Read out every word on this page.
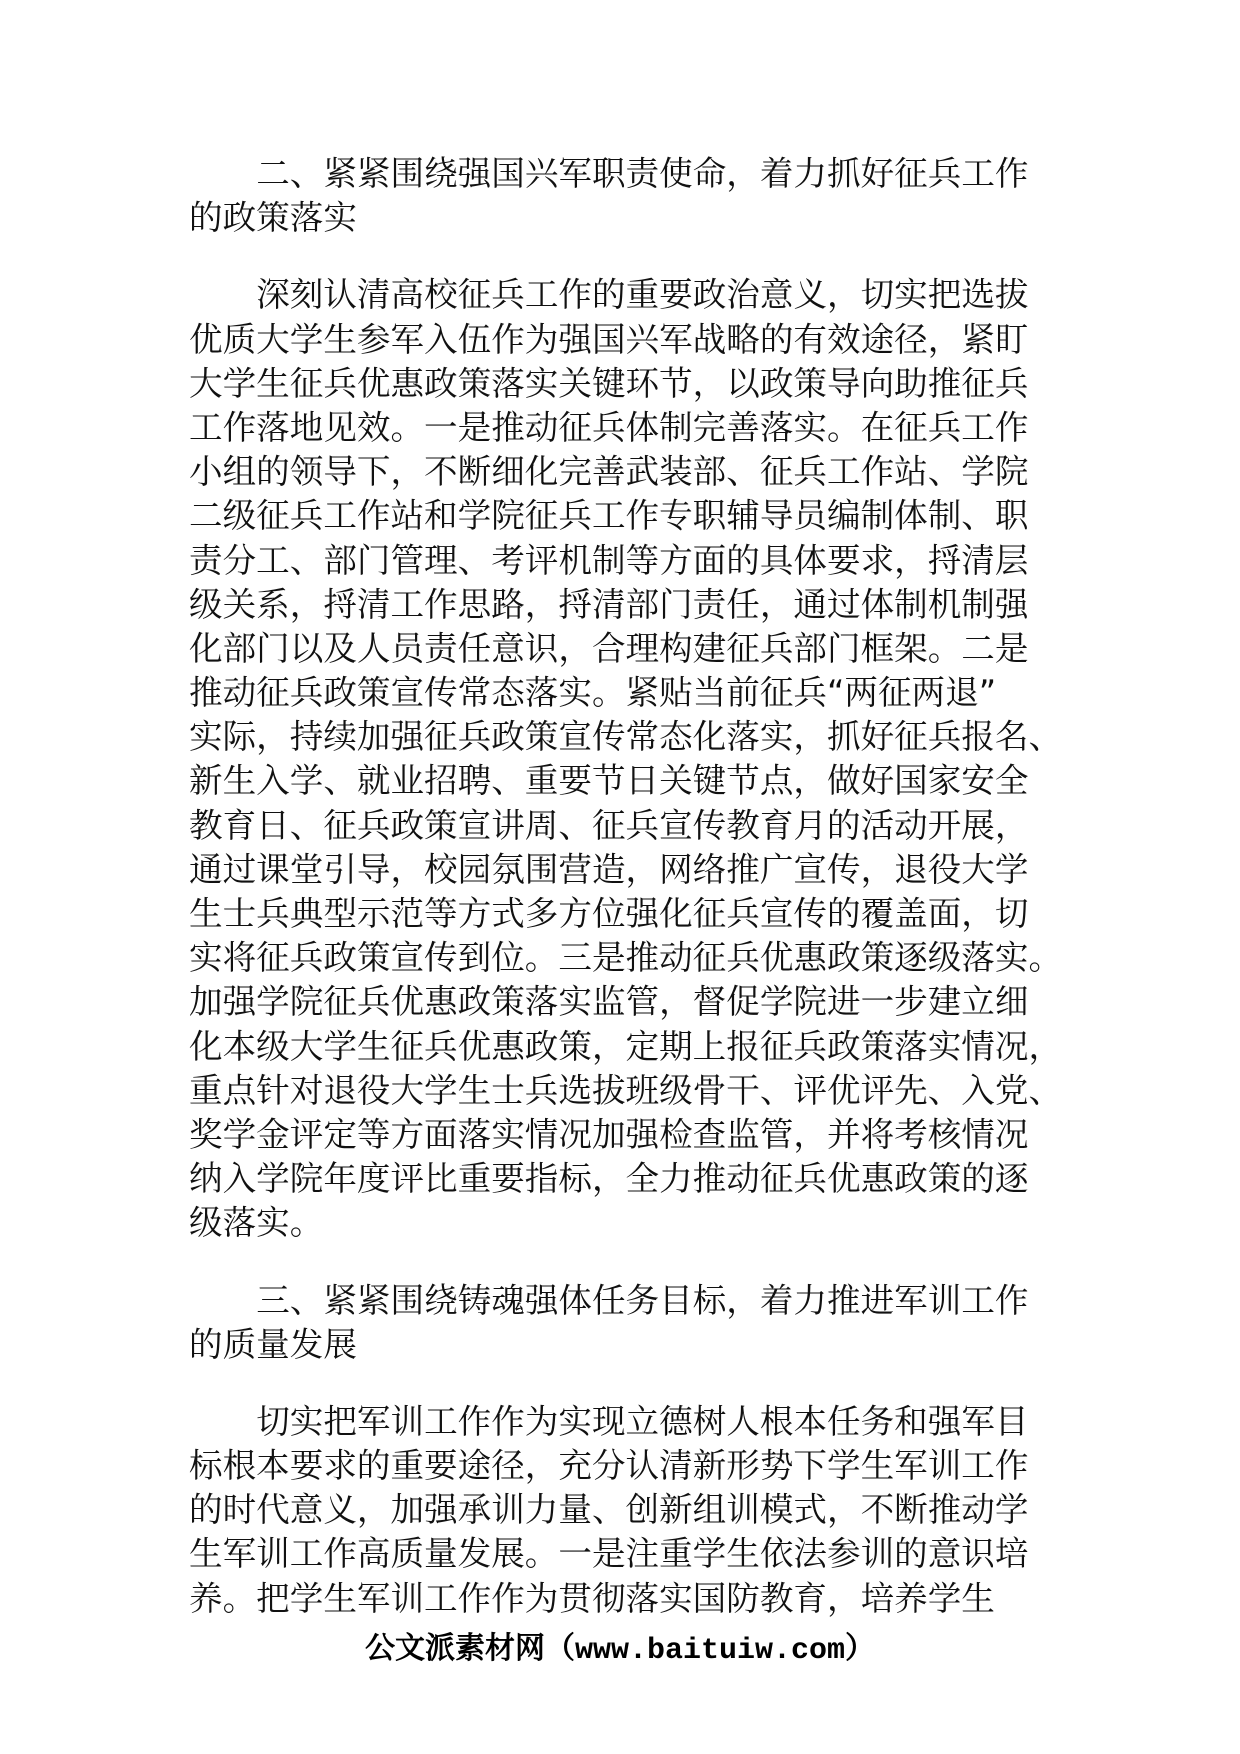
二、紧紧围绕强国兴军职责使命，着力抓好征兵工作
的政策落实
深刻认清高校征兵工作的重要政治意义，切实把选拔
优质大学生参军入伍作为强国兴军战略的有效途径，紧盯
大学生征兵优惠政策落实关键环节，以政策导向助推征兵
工作落地见效。一是推动征兵体制完善落实。在征兵工作
小组的领导下，不断细化完善武装部、征兵工作站、学院
二级征兵工作站和学院征兵工作专职辅导员编制体制、职
责分工、部门管理、考评机制等方面的具体要求，捋清层
级关系，捋清工作思路，捋清部门责任，通过体制机制强
化部门以及人员责任意识，合理构建征兵部门框架。二是
推动征兵政策宣传常态落实。紧贴当前征兵“两征两退”
实际，持续加强征兵政策宣传常态化落实，抓好征兵报名、
新生入学、就业招聘、重要节日关键节点，做好国家安全
教育日、征兵政策宣讲周、征兵宣传教育月的活动开展，
通过课堂引导，校园氛围营造，网络推广宣传，退役大学
生士兵典型示范等方式多方位强化征兵宣传的覆盖面，切
实将征兵政策宣传到位。三是推动征兵优惠政策逐级落实。
加强学院征兵优惠政策落实监管，督促学院进一步建立细
化本级大学生征兵优惠政策，定期上报征兵政策落实情况，
重点针对退役大学生士兵选拔班级骨干、评优评先、入党、
奖学金评定等方面落实情况加强检查监管，并将考核情况
纳入学院年度评比重要指标，全力推动征兵优惠政策的逐
级落实。
三、紧紧围绕铸魂强体任务目标，着力推进军训工作
的质量发展
切实把军训工作作为实现立德树人根本任务和强军目
标根本要求的重要途径，充分认清新形势下学生军训工作
的时代意义，加强承训力量、创新组训模式，不断推动学
生军训工作高质量发展。一是注重学生依法参训的意识培
养。把学生军训工作作为贯彻落实国防教育，培养学生
公文派素材网（www.baituiw.com）
